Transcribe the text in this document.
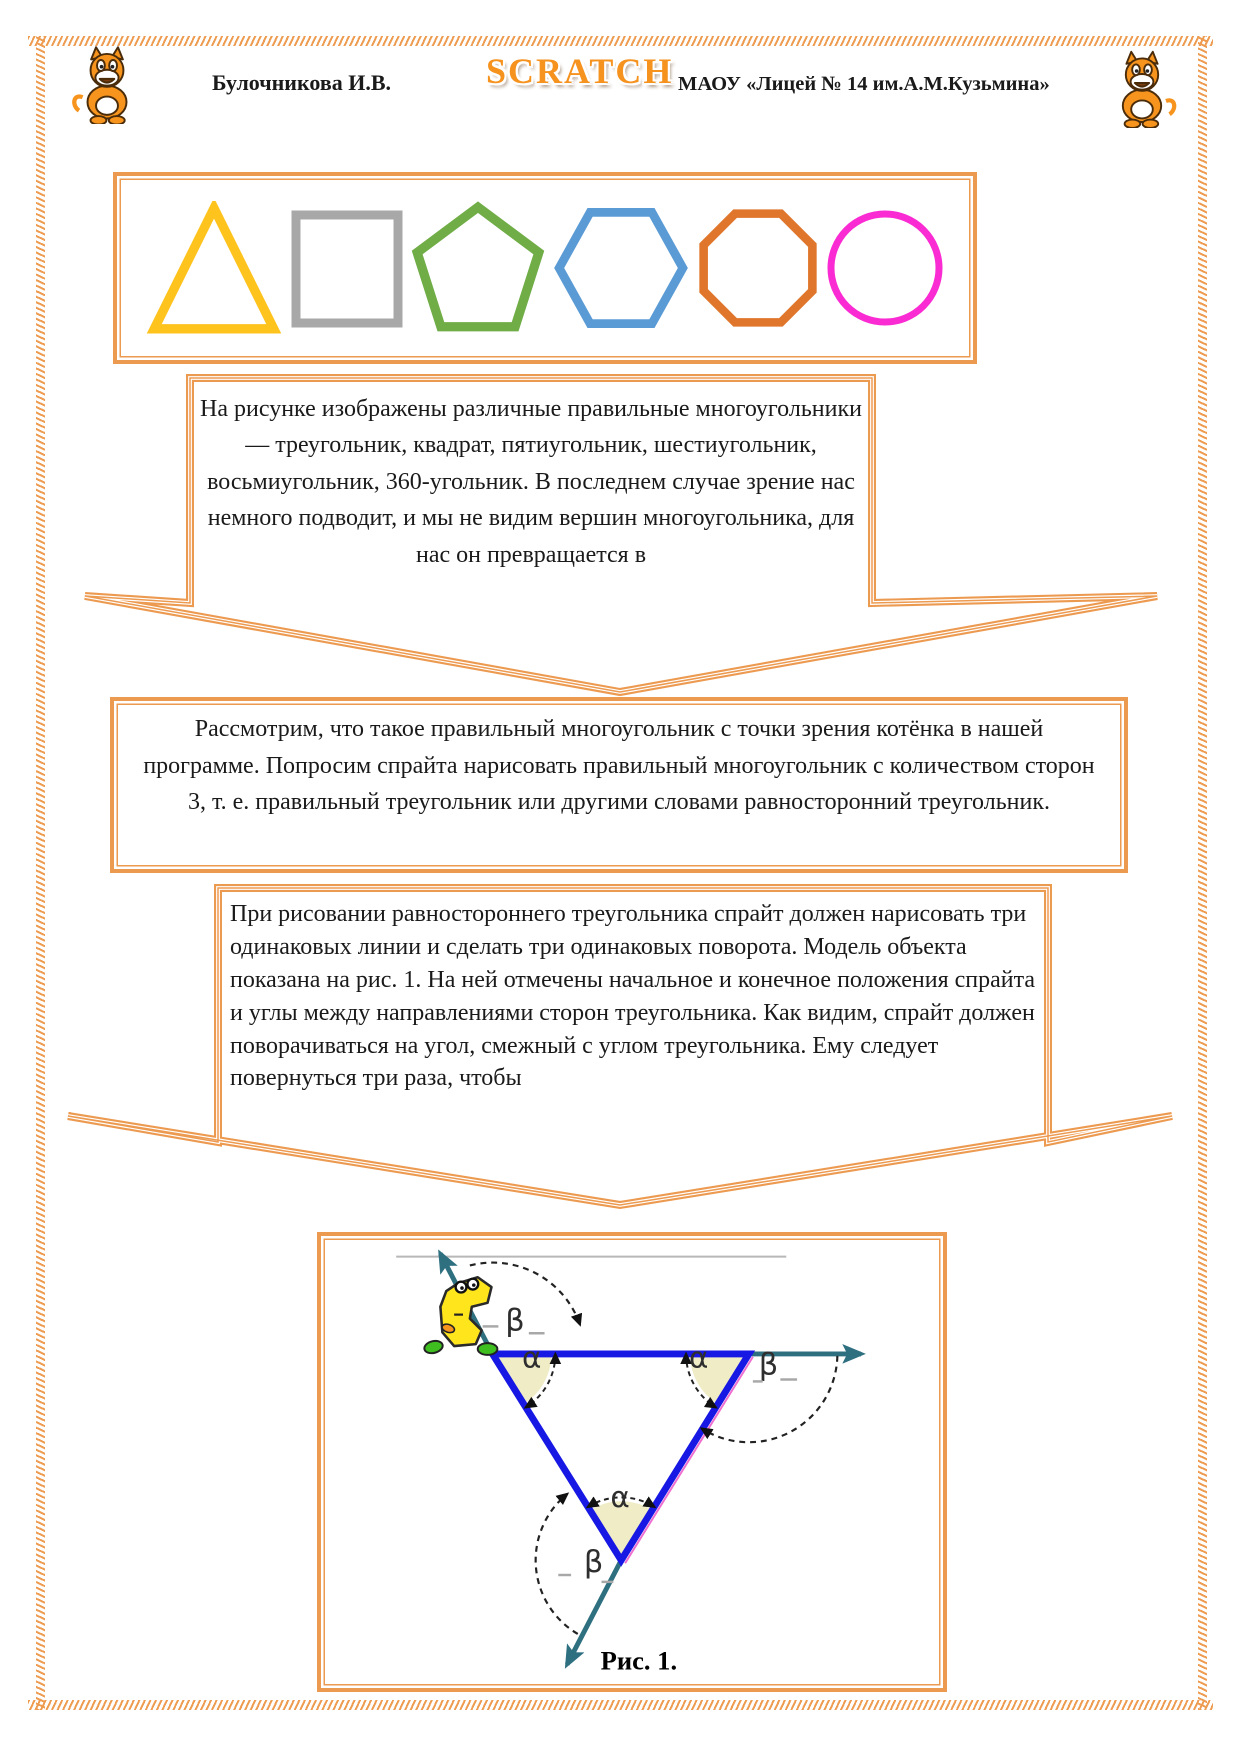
Булочникова И.В.	SCRATCH МАОУ «Лицей № 14 им.А.М.Кузьмина»
На рисунке изображены различные правильные многоугольники — треугольник, квадрат, пятиугольник, шестиугольник, восьмиугольник, 360-угольник. В последнем случае зрение нас немного подводит, и мы не видим вершин многоугольника, для нас он превращается в
Рассмотрим, что такое правильный многоугольник с точки зрения котёнка в нашей программе. Попросим спрайта нарисовать правильный многоугольник с количеством сторон 3, т. е. правильный треугольник или другими словами равносторонний треугольник.
При рисовании равностороннего треугольника спрайт должен нарисовать три одинаковых линии и сделать три одинаковых поворота. Модель объекта показана на рис. 1. На ней отмечены начальное и конечное положения спрайта и углы между направлениями сторон треугольника. Как видим, спрайт должен поворачиваться на угол, смежный с углом треугольника. Ему следует повернуться три раза, чтобы
α	α
α
β
β
β
Рис. 1.
